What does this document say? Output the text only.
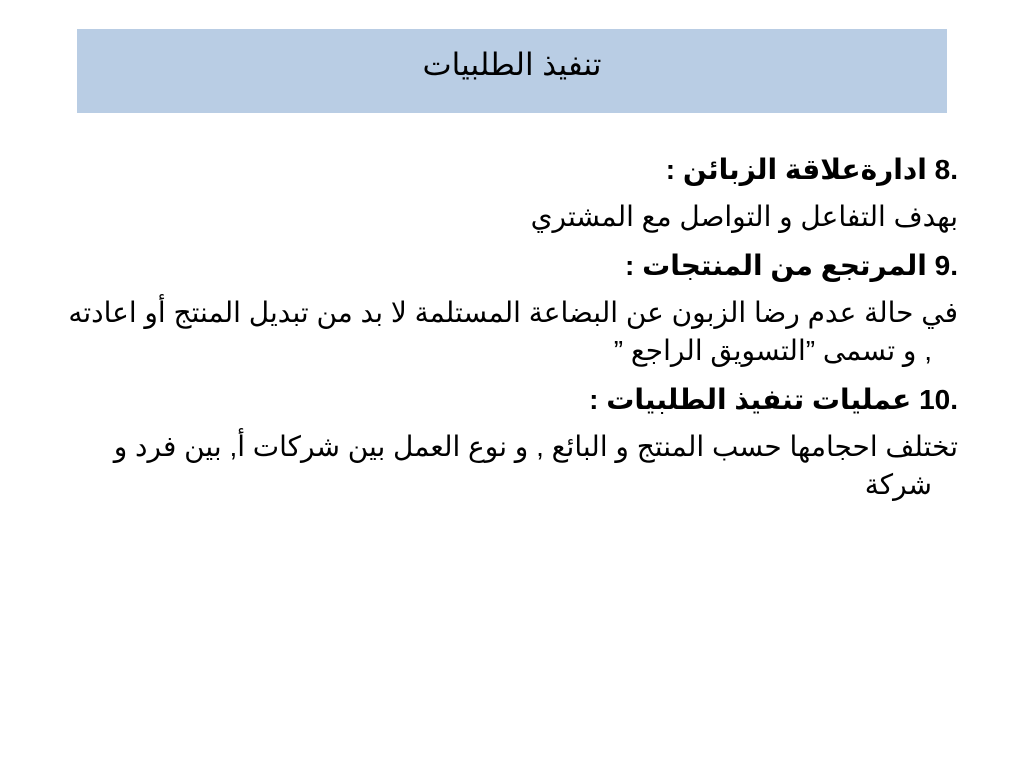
تنفيذ الطلبيات
8. ادارةعلاقة الزبائن :
بهدف التفاعل و التواصل مع المشتري
9. المرتجع من المنتجات :
في حالة عدم رضا الزبون عن البضاعة المستلمة لا بد من تبديل المنتج أو اعادته , و تسمى ”التسويق الراجع ”
10. عمليات تنفيذ الطلبيات :
تختلف احجامها حسب المنتج و البائع , و نوع العمل بين شركات أ, بين فرد و شركة
